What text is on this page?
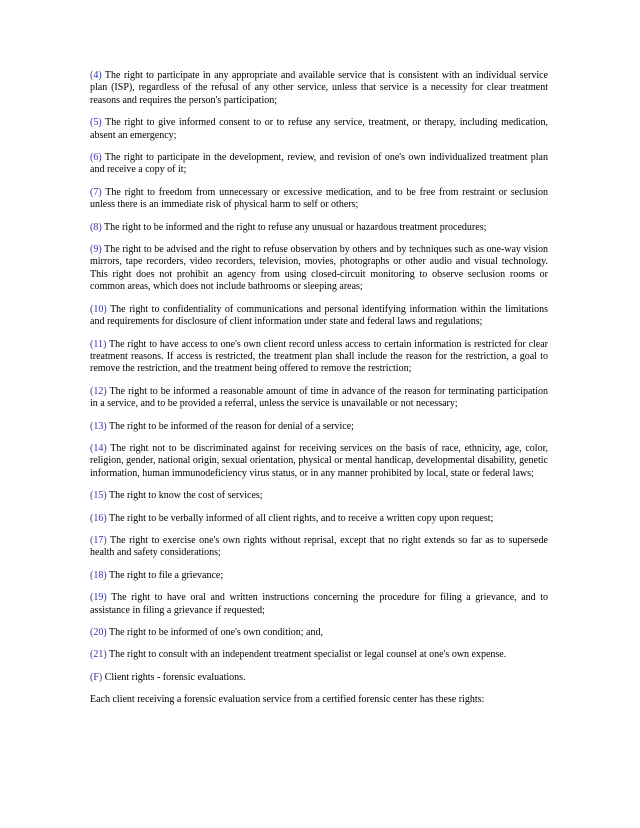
(4) The right to participate in any appropriate and available service that is consistent with an individual service plan (ISP), regardless of the refusal of any other service, unless that service is a necessity for clear treatment reasons and requires the person's participation;

(5) The right to give informed consent to or to refuse any service, treatment, or therapy, including medication, absent an emergency;

(6) The right to participate in the development, review, and revision of one's own individualized treatment plan and receive a copy of it;

(7) The right to freedom from unnecessary or excessive medication, and to be free from restraint or seclusion unless there is an immediate risk of physical harm to self or others;

(8) The right to be informed and the right to refuse any unusual or hazardous treatment procedures;

(9) The right to be advised and the right to refuse observation by others and by techniques such as one-way vision mirrors, tape recorders, video recorders, television, movies, photographs or other audio and visual technology. This right does not prohibit an agency from using closed-circuit monitoring to observe seclusion rooms or common areas, which does not include bathrooms or sleeping areas;

(10) The right to confidentiality of communications and personal identifying information within the limitations and requirements for disclosure of client information under state and federal laws and regulations;

(11) The right to have access to one's own client record unless access to certain information is restricted for clear treatment reasons. If access is restricted, the treatment plan shall include the reason for the restriction, a goal to remove the restriction, and the treatment being offered to remove the restriction;

(12) The right to be informed a reasonable amount of time in advance of the reason for terminating participation in a service, and to be provided a referral, unless the service is unavailable or not necessary;

(13) The right to be informed of the reason for denial of a service;

(14) The right not to be discriminated against for receiving services on the basis of race, ethnicity, age, color, religion, gender, national origin, sexual orientation, physical or mental handicap, developmental disability, genetic information, human immunodeficiency virus status, or in any manner prohibited by local, state or federal laws;

(15) The right to know the cost of services;

(16) The right to be verbally informed of all client rights, and to receive a written copy upon request;

(17) The right to exercise one's own rights without reprisal, except that no right extends so far as to supersede health and safety considerations;

(18) The right to file a grievance;

(19) The right to have oral and written instructions concerning the procedure for filing a grievance, and to assistance in filing a grievance if requested;

(20) The right to be informed of one's own condition; and,

(21) The right to consult with an independent treatment specialist or legal counsel at one's own expense.

(F) Client rights - forensic evaluations.

Each client receiving a forensic evaluation service from a certified forensic center has these rights:
